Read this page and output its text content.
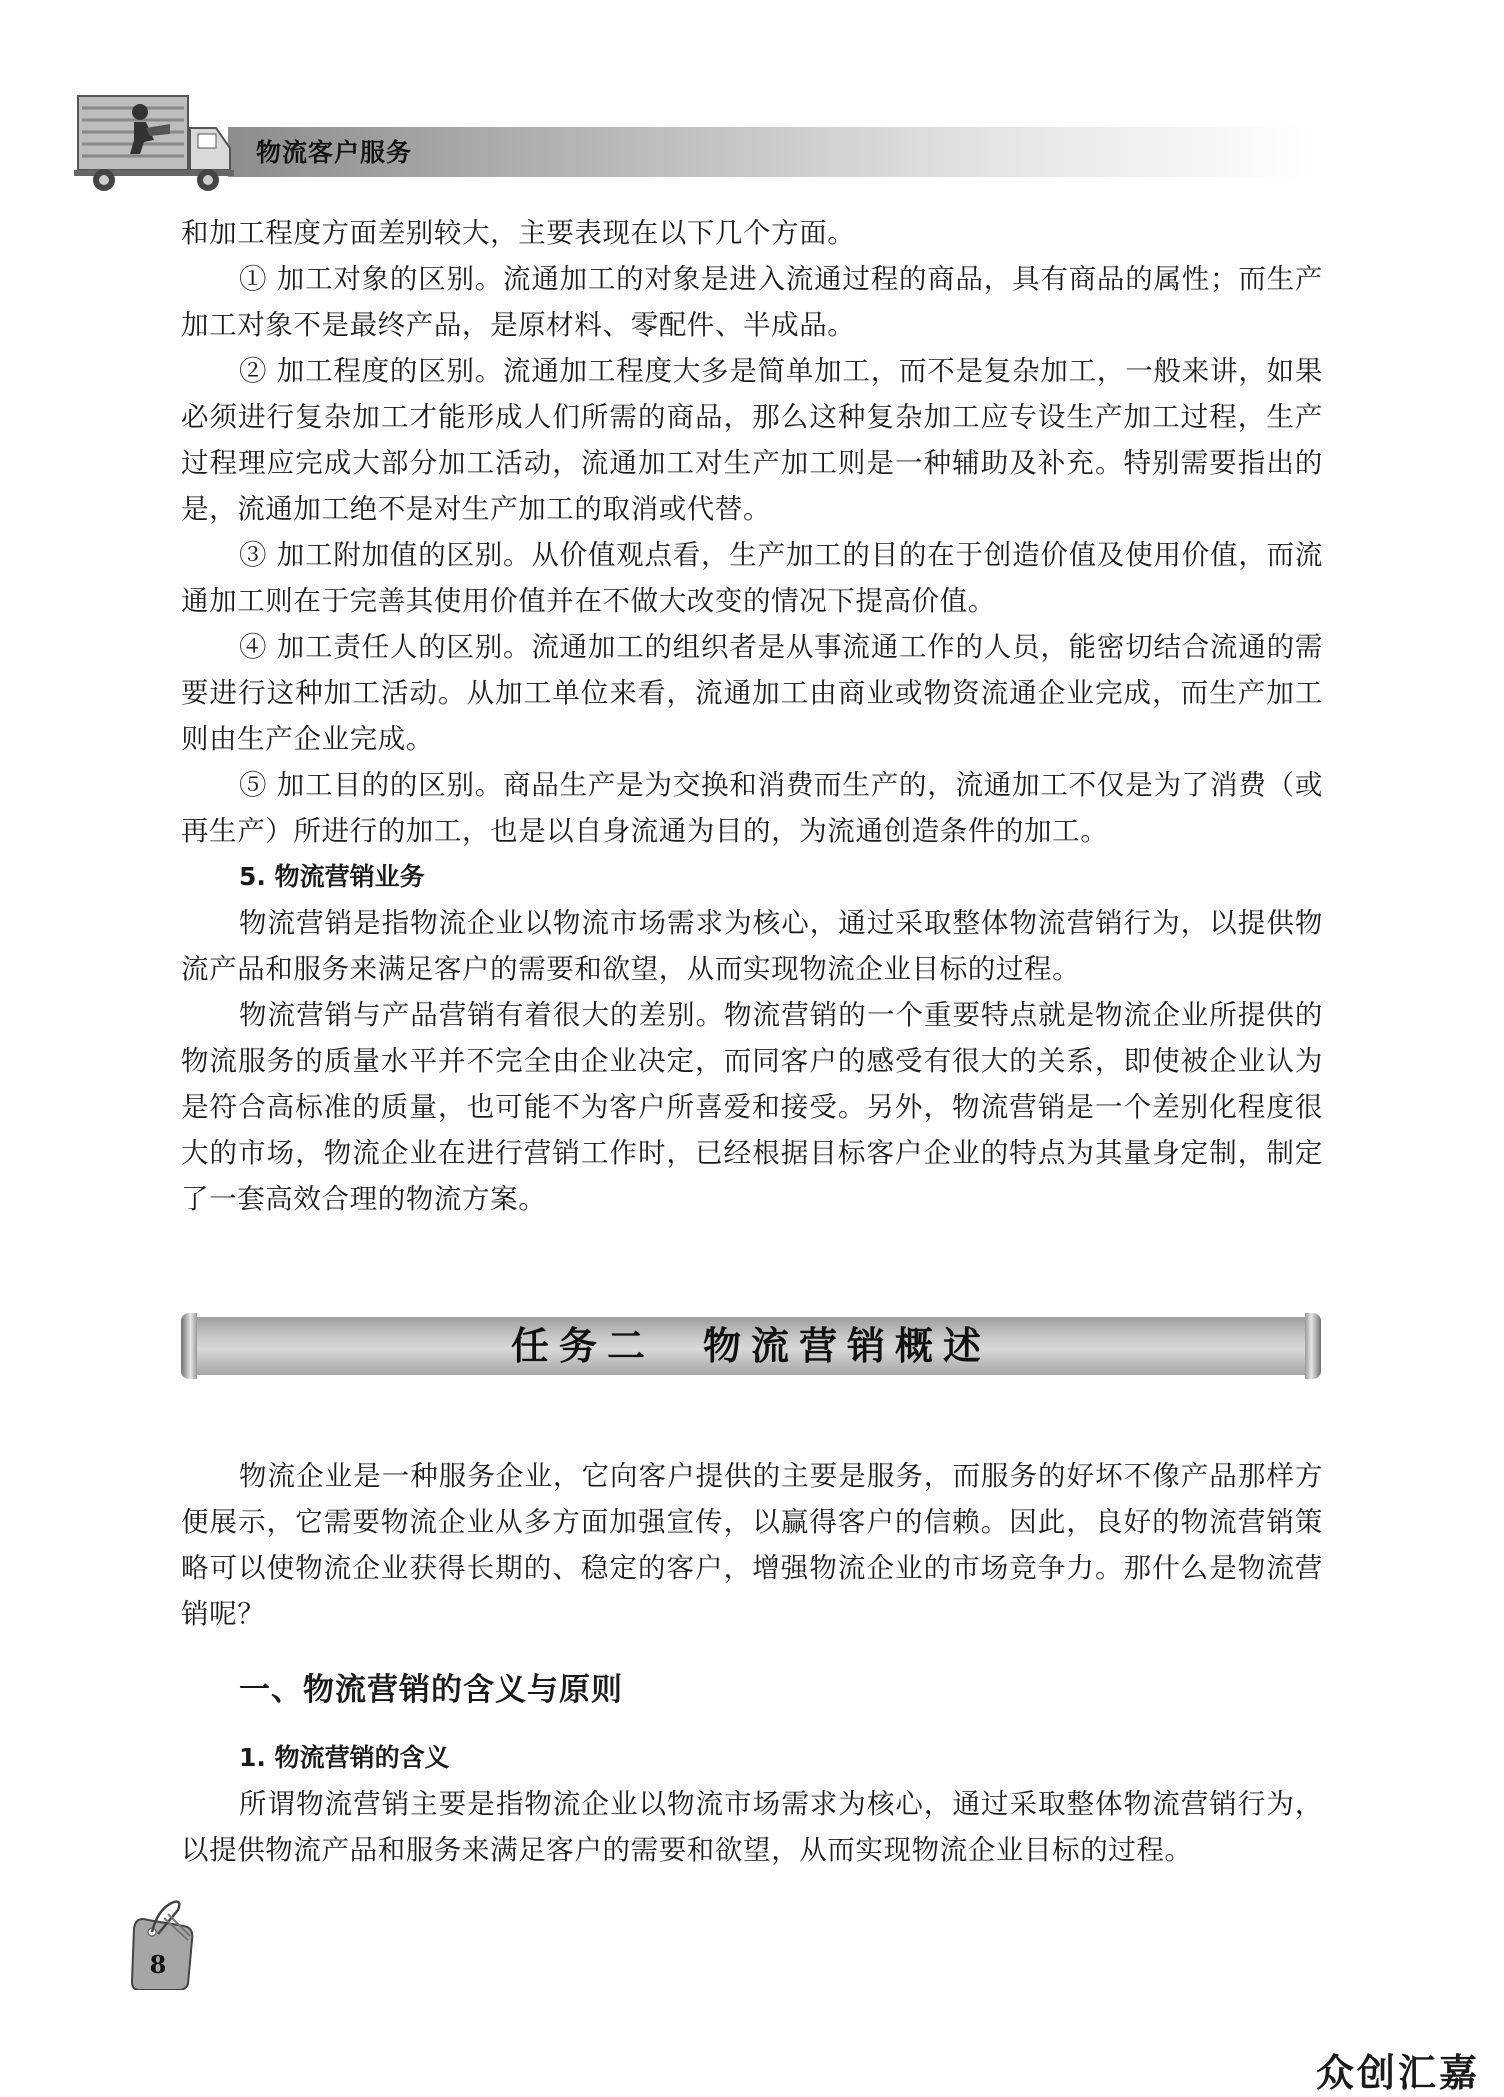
物流客户服务

和加工程度方面差别较大，主要表现在以下几个方面。

① 加工对象的区别。流通加工的对象是进入流通过程的商品，具有商品的属性；而生产加工对象不是最终产品，是原材料、零配件、半成品。

② 加工程度的区别。流通加工程度大多是简单加工，而不是复杂加工，一般来讲，如果必须进行复杂加工才能形成人们所需的商品，那么这种复杂加工应专设生产加工过程，生产过程理应完成大部分加工活动，流通加工对生产加工则是一种辅助及补充。特别需要指出的是，流通加工绝不是对生产加工的取消或代替。

③ 加工附加值的区别。从价值观点看，生产加工的目的在于创造价值及使用价值，而流通加工则在于完善其使用价值并在不做大改变的情况下提高价值。

④ 加工责任人的区别。流通加工的组织者是从事流通工作的人员，能密切结合流通的需要进行这种加工活动。从加工单位来看，流通加工由商业或物资流通企业完成，而生产加工则由生产企业完成。

⑤ 加工目的的区别。商品生产是为交换和消费而生产的，流通加工不仅是为了消费（或再生产）所进行的加工，也是以自身流通为目的，为流通创造条件的加工。

5. 物流营销业务

物流营销是指物流企业以物流市场需求为核心，通过采取整体物流营销行为，以提供物流产品和服务来满足客户的需要和欲望，从而实现物流企业目标的过程。

物流营销与产品营销有着很大的差别。物流营销的一个重要特点就是物流企业所提供的物流服务的质量水平并不完全由企业决定，而同客户的感受有很大的关系，即使被企业认为是符合高标准的质量，也可能不为客户所喜爱和接受。另外，物流营销是一个差别化程度很大的市场，物流企业在进行营销工作时，已经根据目标客户企业的特点为其量身定制，制定了一套高效合理的物流方案。

任务二　物流营销概述

物流企业是一种服务企业，它向客户提供的主要是服务，而服务的好坏不像产品那样方便展示，它需要物流企业从多方面加强宣传，以赢得客户的信赖。因此，良好的物流营销策略可以使物流企业获得长期的、稳定的客户，增强物流企业的市场竞争力。那什么是物流营销呢？

一、物流营销的含义与原则

1. 物流营销的含义

所谓物流营销主要是指物流企业以物流市场需求为核心，通过采取整体物流营销行为，以提供物流产品和服务来满足客户的需要和欲望，从而实现物流企业目标的过程。

8
众创汇嘉
